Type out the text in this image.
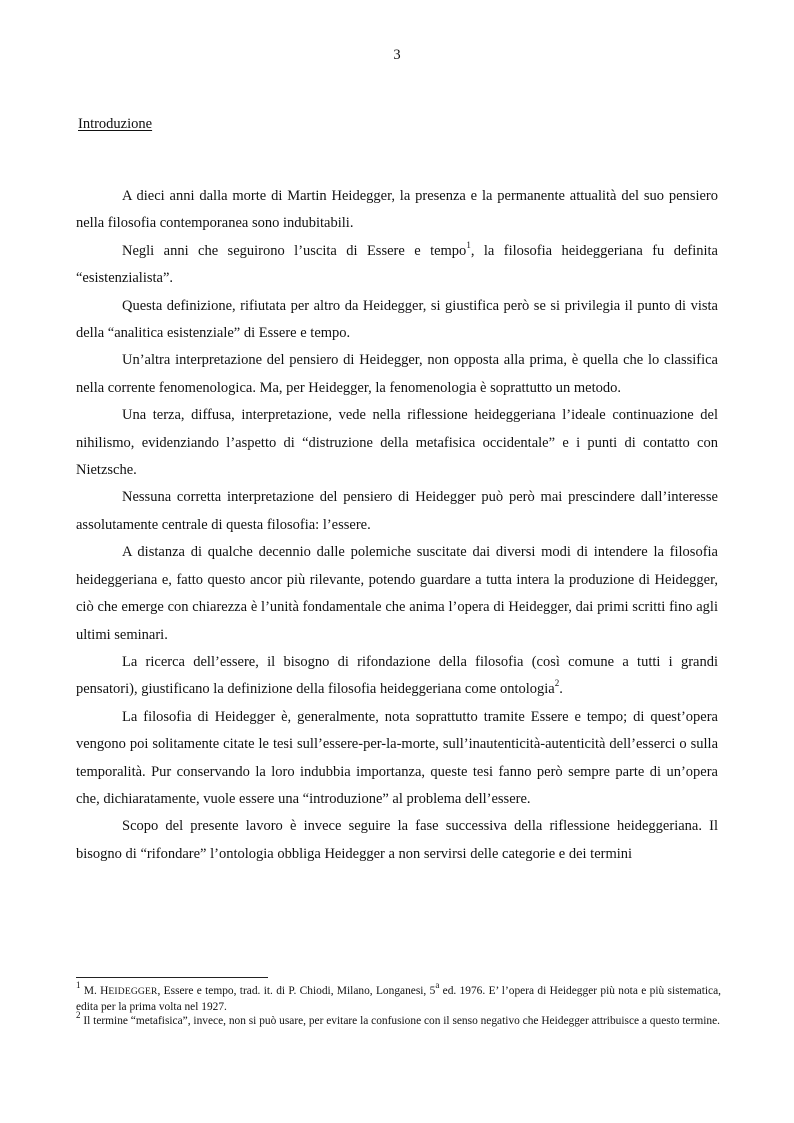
3
Introduzione

A dieci anni dalla morte di Martin Heidegger, la presenza e la permanente attualità del suo pensiero nella filosofia contemporanea sono indubitabili.

Negli anni che seguirono l’uscita di Essere e tempo$^1$, la filosofia heideggeriana fu definita “esistenzialista”.

Questa definizione, rifiutata per altro da Heidegger, si giustifica però se si privilegia il punto di vista della “analitica esistenziale” di Essere e tempo.

Un’altra interpretazione del pensiero di Heidegger, non opposta alla prima, è quella che lo classifica nella corrente fenomenologica. Ma, per Heidegger, la fenomenologia è soprattutto un metodo.

Una terza, diffusa, interpretazione, vede nella riflessione heideggeriana l’ideale continuazione del nihilismo, evidenziando l’aspetto di “distruzione della metafisica occidentale” e i punti di contatto con Nietzsche.

Nessuna corretta interpretazione del pensiero di Heidegger può però mai prescindere dall’interesse assolutamente centrale di questa filosofia: l’essere.

A distanza di qualche decennio dalle polemiche suscitate dai diversi modi di intendere la filosofia heideggeriana e, fatto questo ancor più rilevante, potendo guardare a tutta intera la produzione di Heidegger, ciò che emerge con chiarezza è l’unità fondamentale che anima l’opera di Heidegger, dai primi scritti fino agli ultimi seminari.

La ricerca dell’essere, il bisogno di rifondazione della filosofia (così comune a tutti i grandi pensatori), giustificano la definizione della filosofia heideggeriana come ontologia$^2$.

La filosofia di Heidegger è, generalmente, nota soprattutto tramite Essere e tempo; di quest’opera vengono poi solitamente citate le tesi sull’essere-per-la-morte, sull’inautenticità-autenticità dell’esserci o sulla temporalità. Pur conservando la loro indubbia importanza, queste tesi fanno però sempre parte di un’opera che, dichiaratamente, vuole essere una “introduzione” al problema dell’essere.

Scopo del presente lavoro è invece seguire la fase successiva della riflessione heideggeriana. Il bisogno di “rifondare” l’ontologia obbliga Heidegger a non servirsi delle categorie e dei termini

$^1$ M. HEIDEGGER, Essere e tempo, trad. it. di P. Chiodi, Milano, Longanesi, 5$^a$ ed. 1976. E’ l’opera di Heidegger più nota e più sistematica, edita per la prima volta nel 1927.

$^2$ Il termine “metafisica”, invece, non si può usare, per evitare la confusione con il senso negativo che Heidegger attribuisce a questo termine.
